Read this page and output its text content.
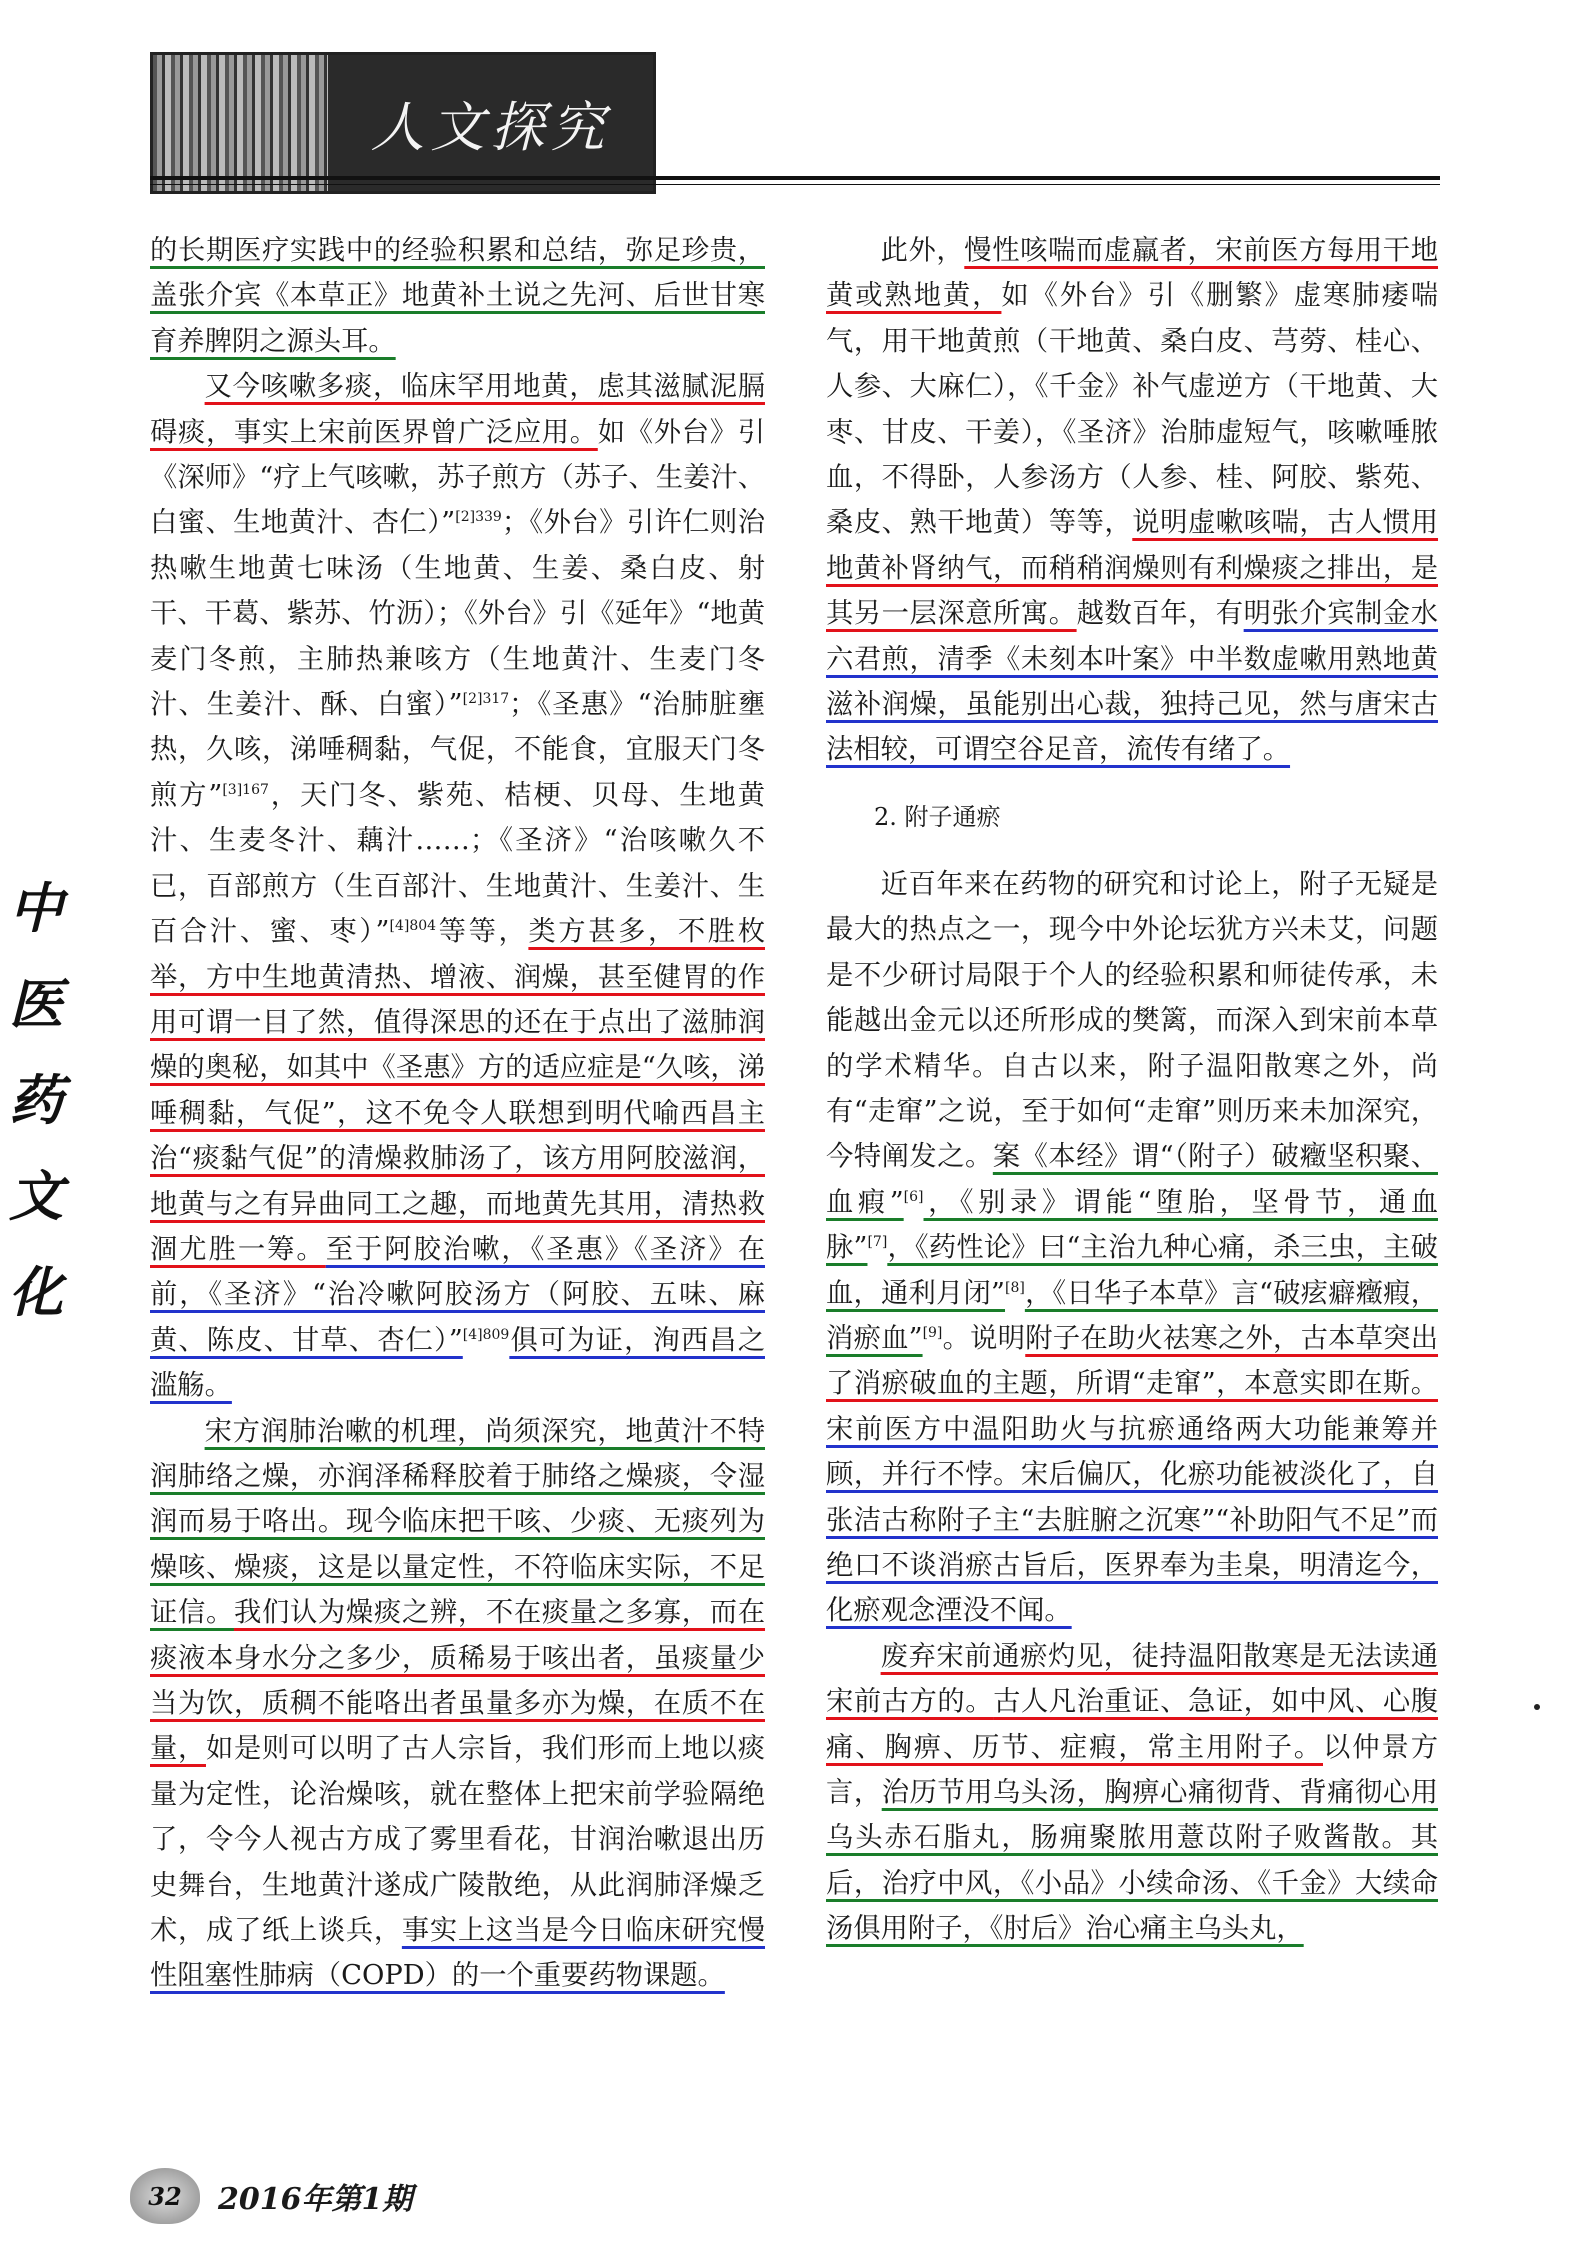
人文探究
中医药文化

的长期医疗实践中的经验积累和总结，弥足珍贵，盖张介宾《本草正》地黄补土说之先河、后世甘寒育养脾阴之源头耳。

又今咳嗽多痰，临床罕用地黄，虑其滋腻泥膈碍痰，事实上宋前医界曾广泛应用。如《外台》引《深师》“疗上气咳嗽，苏子煎方（苏子、生姜汁、白蜜、生地黄汁、杏仁）”$^{[2]339}$；《外台》引许仁则治热嗽生地黄七味汤（生地黄、生姜、桑白皮、射干、干葛、紫苏、竹沥）；《外台》引《延年》“地黄麦门冬煎，主肺热兼咳方（生地黄汁、生麦门冬汁、生姜汁、酥、白蜜）”$^{[2]317}$；《圣惠》“治肺脏壅热，久咳，涕唾稠黏，气促，不能食，宜服天门冬煎方”$^{[3]167}$，天门冬、紫苑、桔梗、贝母、生地黄汁、生麦冬汁、藕汁……；《圣济》“治咳嗽久不已，百部煎方（生百部汁、生地黄汁、生姜汁、生百合汁、蜜、枣）”$^{[4]804}$等等，类方甚多，不胜枚举，方中生地黄清热、增液、润燥，甚至健胃的作用可谓一目了然，值得深思的还在于点出了滋肺润燥的奥秘，如其中《圣惠》方的适应症是“久咳，涕唾稠黏，气促”，这不免令人联想到明代喻西昌主治“痰黏气促”的清燥救肺汤了，该方用阿胶滋润，地黄与之有异曲同工之趣，而地黄先其用，清热救涸尤胜一筹。至于阿胶治嗽，《圣惠》《圣济》在前，《圣济》“治冷嗽阿胶汤方（阿胶、五味、麻黄、陈皮、甘草、杏仁）”$^{[4]809}$俱可为证，洵西昌之滥觞。

宋方润肺治嗽的机理，尚须深究，地黄汁不特润肺络之燥，亦润泽稀释胶着于肺络之燥痰，令湿润而易于咯出。现今临床把干咳、少痰、无痰列为燥咳、燥痰，这是以量定性，不符临床实际，不足证信。我们认为燥痰之辨，不在痰量之多寡，而在痰液本身水分之多少，质稀易于咳出者，虽痰量少当为饮，质稠不能咯出者虽量多亦为燥，在质不在量，如是则可以明了古人宗旨，我们形而上地以痰量为定性，论治燥咳，就在整体上把宋前学验隔绝了，令今人视古方成了雾里看花，甘润治嗽退出历史舞台，生地黄汁遂成广陵散绝，从此润肺泽燥乏术，成了纸上谈兵，事实上这当是今日临床研究慢性阻塞性肺病（COPD）的一个重要药物课题。

此外，慢性咳喘而虚羸者，宋前医方每用干地黄或熟地黄，如《外台》引《删繁》虚寒肺痿喘气，用干地黄煎（干地黄、桑白皮、芎䓖、桂心、人参、大麻仁），《千金》补气虚逆方（干地黄、大枣、甘皮、干姜），《圣济》治肺虚短气，咳嗽唾脓血，不得卧，人参汤方（人参、桂、阿胶、紫苑、桑皮、熟干地黄）等等，说明虚嗽咳喘，古人惯用地黄补肾纳气，而稍稍润燥则有利燥痰之排出，是其另一层深意所寓。越数百年，有明张介宾制金水六君煎，清季《未刻本叶案》中半数虚嗽用熟地黄滋补润燥，虽能别出心裁，独持己见，然与唐宋古法相较，可谓空谷足音，流传有绪了。

2. 附子通瘀

近百年来在药物的研究和讨论上，附子无疑是最大的热点之一，现今中外论坛犹方兴未艾，问题是不少研讨局限于个人的经验积累和师徒传承，未能越出金元以还所形成的樊篱，而深入到宋前本草的学术精华。自古以来，附子温阳散寒之外，尚有“走窜”之说，至于如何“走窜”则历来未加深究，今特阐发之。案《本经》谓“（附子）破癥坚积聚、血瘕”[6]，《别录》谓能“堕胎，坚骨节，通血脉”[7]，《药性论》曰“主治九种心痛，杀三虫，主破血，通利月闭”[8]，《日华子本草》言“破痃癖癥瘕，消瘀血”[9]。说明附子在助火祛寒之外，古本草突出了消瘀破血的主题，所谓“走窜”，本意实即在斯。宋前医方中温阳助火与抗瘀通络两大功能兼筹并顾，并行不悖。宋后偏仄，化瘀功能被淡化了，自张洁古称附子主“去脏腑之沉寒”“补助阳气不足”而绝口不谈消瘀古旨后，医界奉为圭臬，明清迄今，化瘀观念湮没不闻。

废弃宋前通瘀灼见，徒持温阳散寒是无法读通宋前古方的。古人凡治重证、急证，如中风、心腹痛、胸痹、历节、症瘕，常主用附子。以仲景方言，治历节用乌头汤，胸痹心痛彻背、背痛彻心用乌头赤石脂丸，肠痈聚脓用薏苡附子败酱散。其后，治疗中风，《小品》小续命汤、《千金》大续命汤俱用附子，《肘后》治心痛主乌头丸，

32	2016年第1期
